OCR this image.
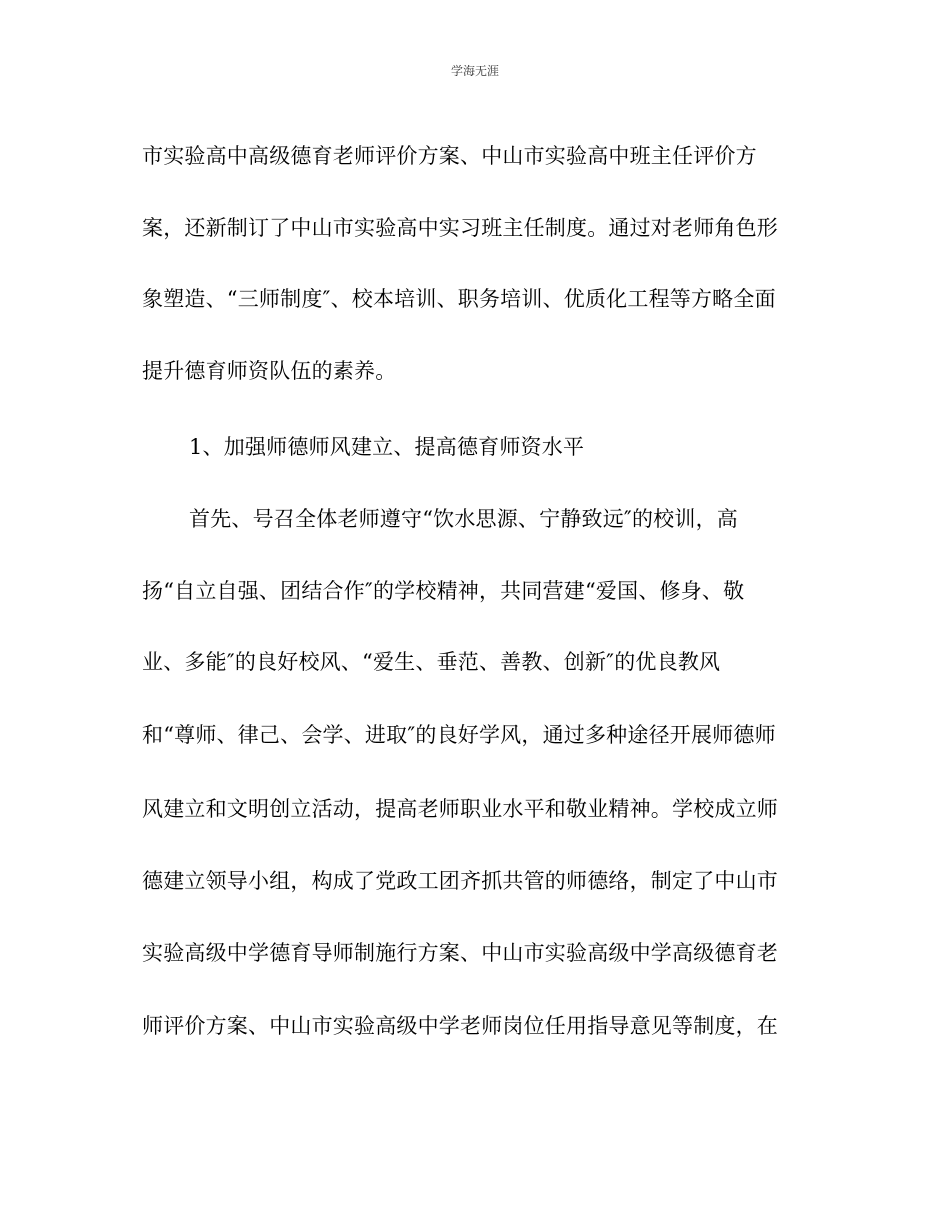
学海无涯
市实验高中高级德育老师评价方案、中山市实验高中班主任评价方
案，还新制订了中山市实验高中实习班主任制度。通过对老师角色形
象塑造、“三师制度″、校本培训、职务培训、优质化工程等方略全面
提升德育师资队伍的素养。
1、加强师德师风建立、提高德育师资水平
首先、号召全体老师遵守“饮水思源、宁静致远″的校训，高
扬“自立自强、团结合作″的学校精神，共同营建“爱国、修身、敬
业、多能″的良好校风、“爱生、垂范、善教、创新″的优良教风
和“尊师、律己、会学、进取″的良好学风，通过多种途径开展师德师
风建立和文明创立活动，提高老师职业水平和敬业精神。学校成立师
德建立领导小组，构成了党政工团齐抓共管的师德络，制定了中山市
实验高级中学德育导师制施行方案、中山市实验高级中学高级德育老
师评价方案、中山市实验高级中学老师岗位任用指导意见等制度，在
